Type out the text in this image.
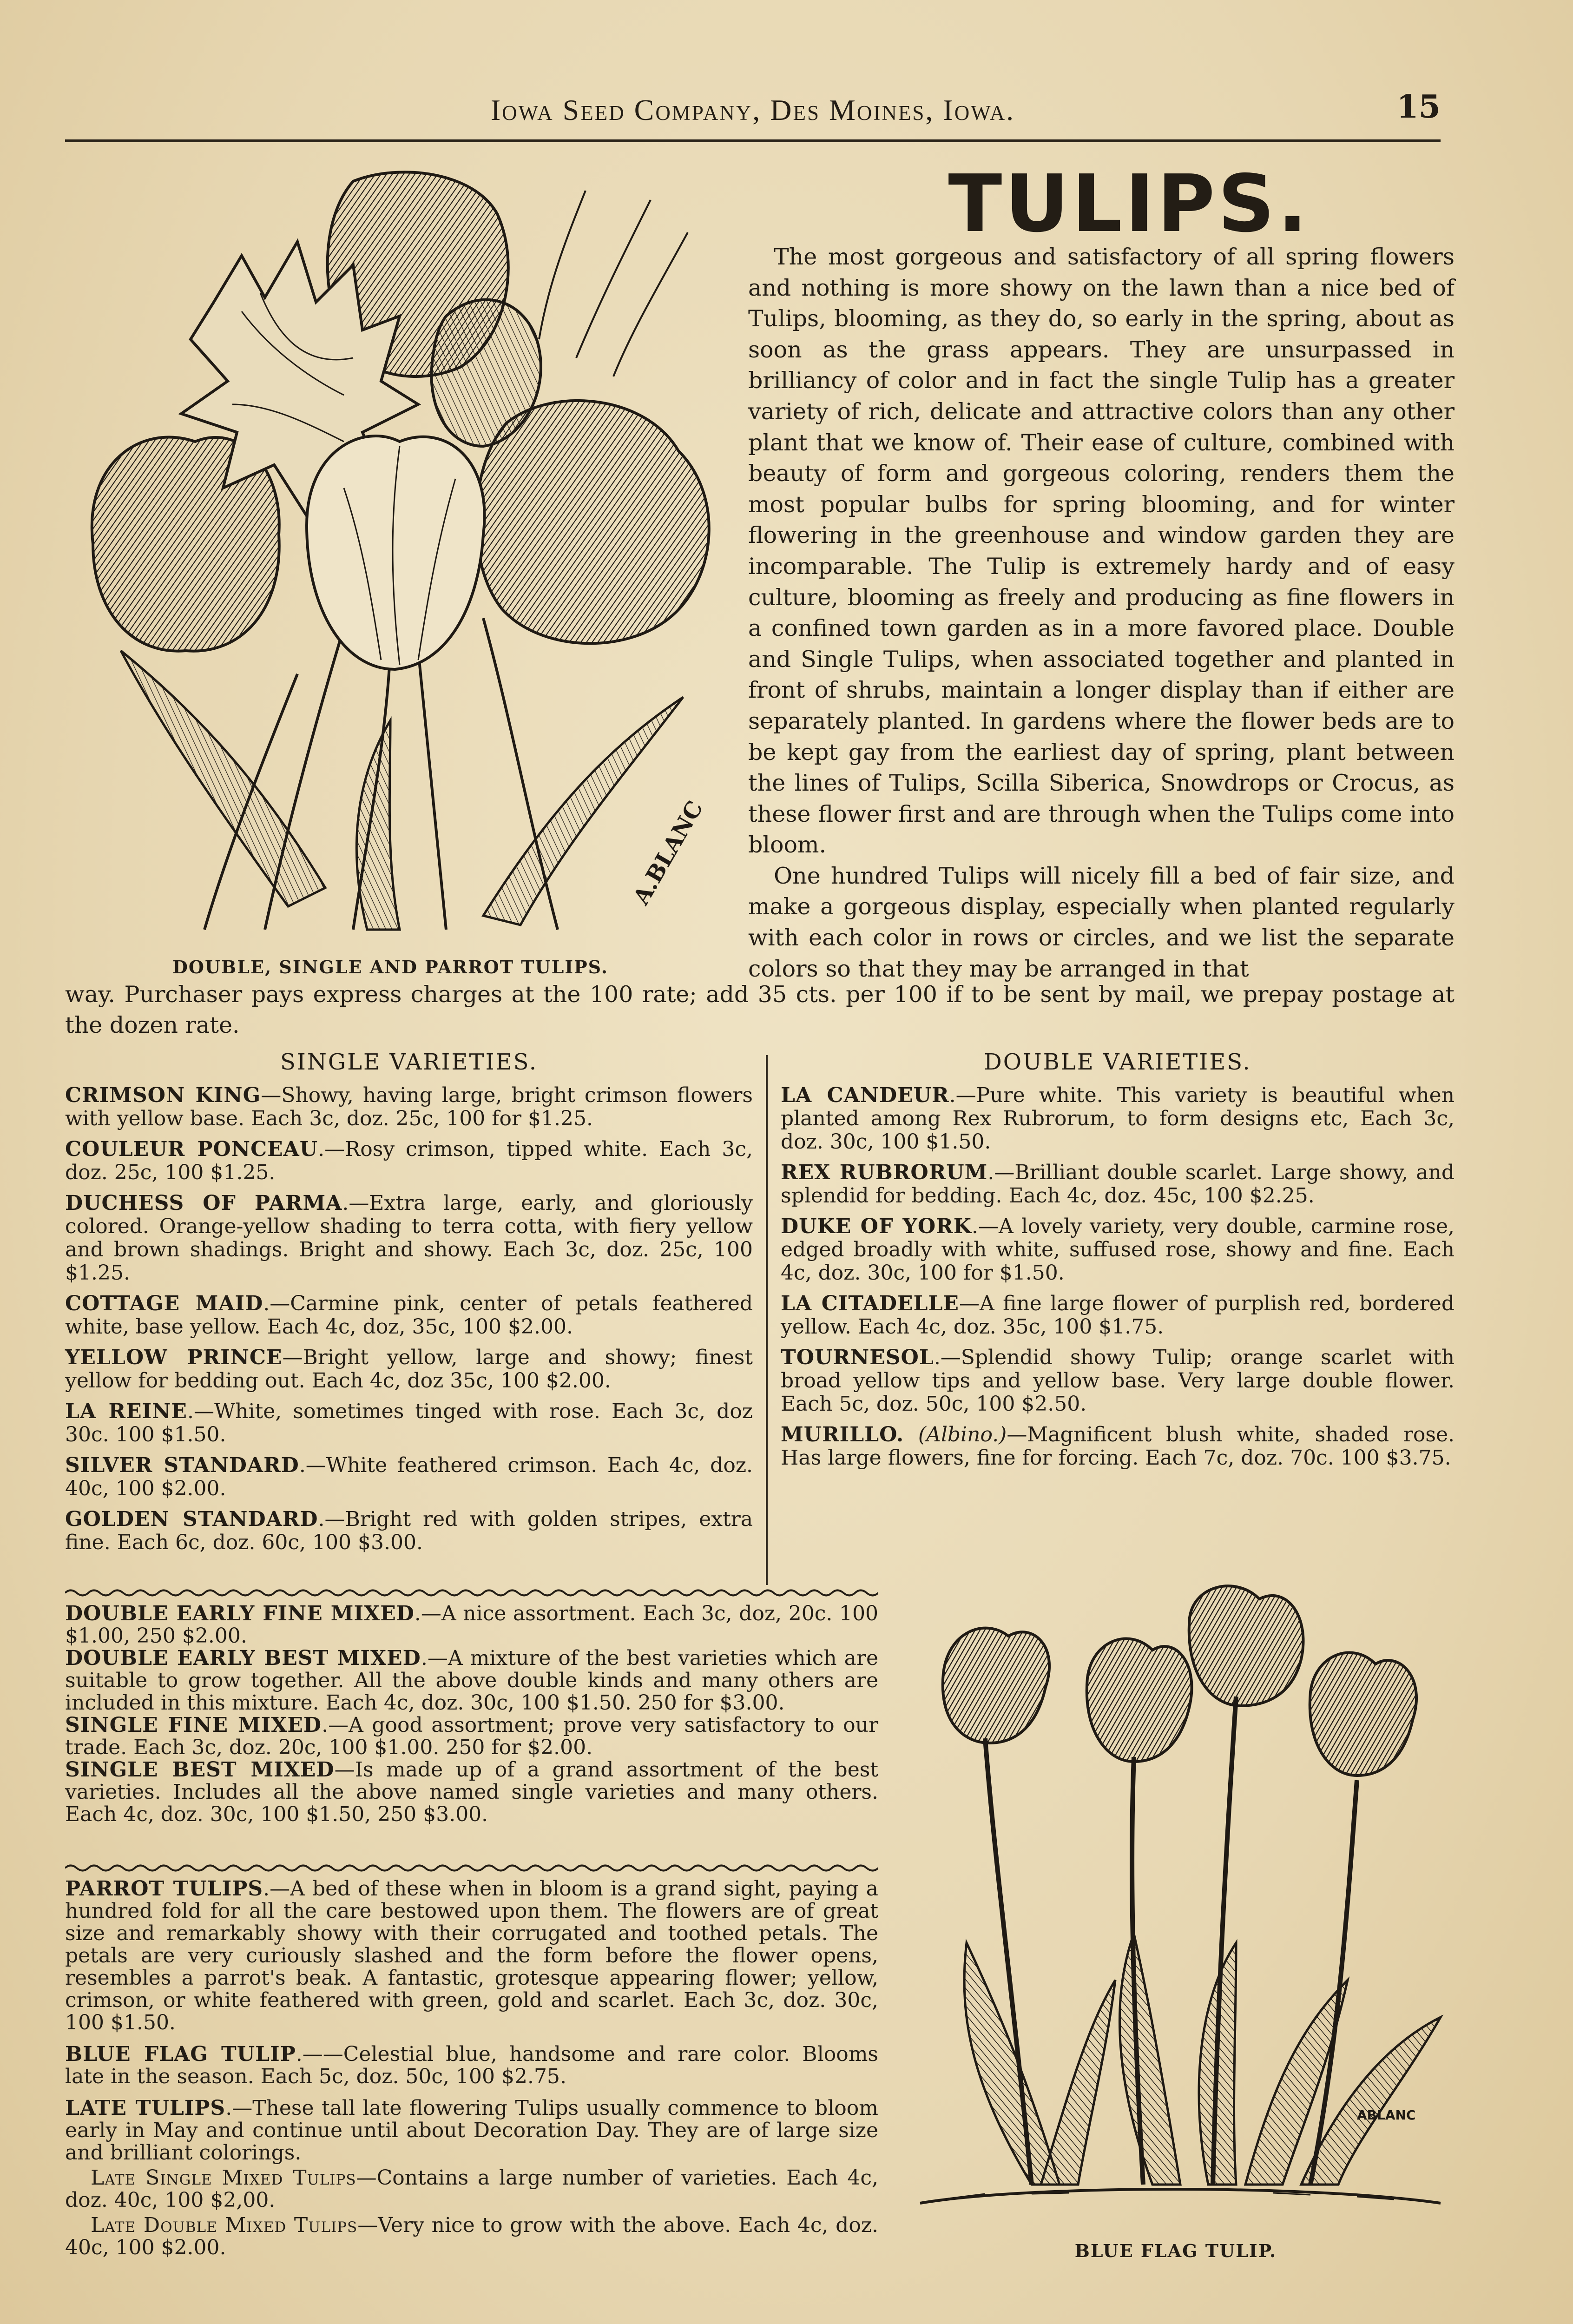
Iowa Seed Company, Des Moines, Iowa.	15
A.BLANC
TULIPS.

The most gorgeous and satisfactory of all spring flowers and nothing is more showy on the lawn than a nice bed of Tulips, blooming, as they do, so early in the spring, about as soon as the grass appears. They are unsurpassed in brilliancy of color and in fact the single Tulip has a greater variety of rich, delicate and attractive colors than any other plant that we know of. Their ease of culture, combined with beauty of form and gorgeous coloring, renders them the most popular bulbs for spring blooming, and for winter flowering in the greenhouse and window garden they are incomparable. The Tulip is extremely hardy and of easy culture, blooming as freely and producing as fine flowers in a confined town garden as in a more favored place. Double and Single Tulips, when associated together and planted in front of shrubs, maintain a longer display than if either are separately planted. In gardens where the flower beds are to be kept gay from the earliest day of spring, plant between the lines of Tulips, Scilla Siberica, Snowdrops or Crocus, as these flower first and are through when the Tulips come into bloom.

One hundred Tulips will nicely fill a bed of fair size, and make a gorgeous display, especially when planted regularly with each color in rows or circles, and we list the separate colors so that they may be arranged in that

DOUBLE, SINGLE AND PARROT TULIPS.
way. Purchaser pays express charges at the 100 rate; add 35 cts. per 100 if to be sent by mail, we prepay postage at the dozen rate.
SINGLE VARIETIES.
CRIMSON KING—Showy, having large, bright crimson flowers with yellow base. Each 3c, doz. 25c, 100 for $1.25.
COULEUR PONCEAU.—Rosy crimson, tipped white. Each 3c, doz. 25c, 100 $1.25.
DUCHESS OF PARMA.—Extra large, early, and gloriously colored. Orange-yellow shading to terra cotta, with fiery yellow and brown shadings. Bright and showy. Each 3c, doz. 25c, 100 $1.25.
COTTAGE MAID.—Carmine pink, center of petals feathered white, base yellow. Each 4c, doz, 35c, 100 $2.00.
YELLOW PRINCE—Bright yellow, large and showy; finest yellow for bedding out. Each 4c, doz 35c, 100 $2.00.
LA REINE.—White, sometimes tinged with rose. Each 3c, doz 30c. 100 $1.50.
SILVER STANDARD.—White feathered crimson. Each 4c, doz. 40c, 100 $2.00.
GOLDEN STANDARD.—Bright red with golden stripes, extra fine. Each 6c, doz. 60c, 100 $3.00.
DOUBLE VARIETIES.
LA CANDEUR.—Pure white. This variety is beautiful when planted among Rex Rubrorum, to form designs etc, Each 3c, doz. 30c, 100 $1.50.
REX RUBRORUM.—Brilliant double scarlet. Large showy, and splendid for bedding. Each 4c, doz. 45c, 100 $2.25.
DUKE OF YORK.—A lovely variety, very double, carmine rose, edged broadly with white, suffused rose, showy and fine. Each 4c, doz. 30c, 100 for $1.50.
LA CITADELLE—A fine large flower of purplish red, bordered yellow. Each 4c, doz. 35c, 100 $1.75.
TOURNESOL.—Splendid showy Tulip; orange scarlet with broad yellow tips and yellow base. Very large double flower. Each 5c, doz. 50c, 100 $2.50.
MURILLO. (Albino.)—Magnificent blush white, shaded rose. Has large flowers, fine for forcing. Each 7c, doz. 70c. 100 $3.75.
DOUBLE EARLY FINE MIXED.—A nice assortment. Each 3c, doz, 20c. 100 $1.00, 250 $2.00.
DOUBLE EARLY BEST MIXED.—A mixture of the best varieties which are suitable to grow together. All the above double kinds and many others are included in this mixture. Each 4c, doz. 30c, 100 $1.50. 250 for $3.00.
SINGLE FINE MIXED.—A good assortment; prove very satisfactory to our trade. Each 3c, doz. 20c, 100 $1.00. 250 for $2.00.
SINGLE BEST MIXED—Is made up of a grand assortment of the best varieties. Includes all the above named single varieties and many others. Each 4c, doz. 30c, 100 $1.50, 250 $3.00.
PARROT TULIPS.—A bed of these when in bloom is a grand sight, paying a hundred fold for all the care bestowed upon them. The flowers are of great size and remarkably showy with their corrugated and toothed petals. The petals are very curiously slashed and the form before the flower opens, resembles a parrot's beak. A fantastic, grotesque appearing flower; yellow, crimson, or white feathered with green, gold and scarlet. Each 3c, doz. 30c, 100 $1.50.
BLUE FLAG TULIP.——Celestial blue, handsome and rare color. Blooms late in the season. Each 5c, doz. 50c, 100 $2.75.
LATE TULIPS.—These tall late flowering Tulips usually commence to bloom early in May and continue until about Decoration Day. They are of large size and brilliant colorings.
Late Single Mixed Tulips—Contains a large number of varieties. Each 4c, doz. 40c, 100 $2,00.
Late Double Mixed Tulips—Very nice to grow with the above. Each 4c, doz. 40c, 100 $2.00.
ABLANC
BLUE FLAG TULIP.
